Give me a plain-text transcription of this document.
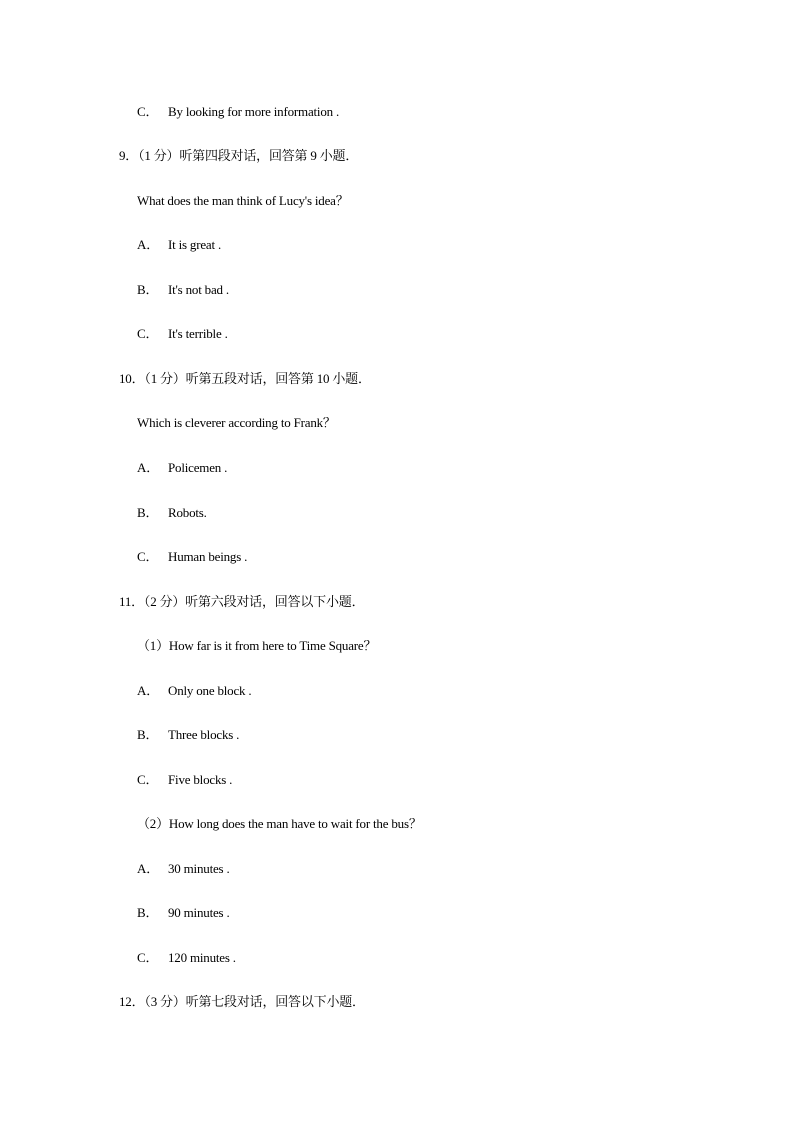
C． By looking for more information .
9．（1 分）听第四段对话，回答第 9 小题．
What does the man think of Lucy's idea？
A． It is great .
B． It's not bad .
C． It's terrible .
10．（1 分）听第五段对话，回答第 10 小题．
Which is cleverer according to Frank？
A． Policemen .
B． Robots.
C． Human beings .
11．（2 分）听第六段对话，回答以下小题．
（1）How far is it from here to Time Square？
A． Only one block .
B． Three blocks .
C． Five blocks .
（2）How long does the man have to wait for the bus？
A． 30 minutes .
B． 90 minutes .
C． 120 minutes .
12．（3 分）听第七段对话，回答以下小题．
